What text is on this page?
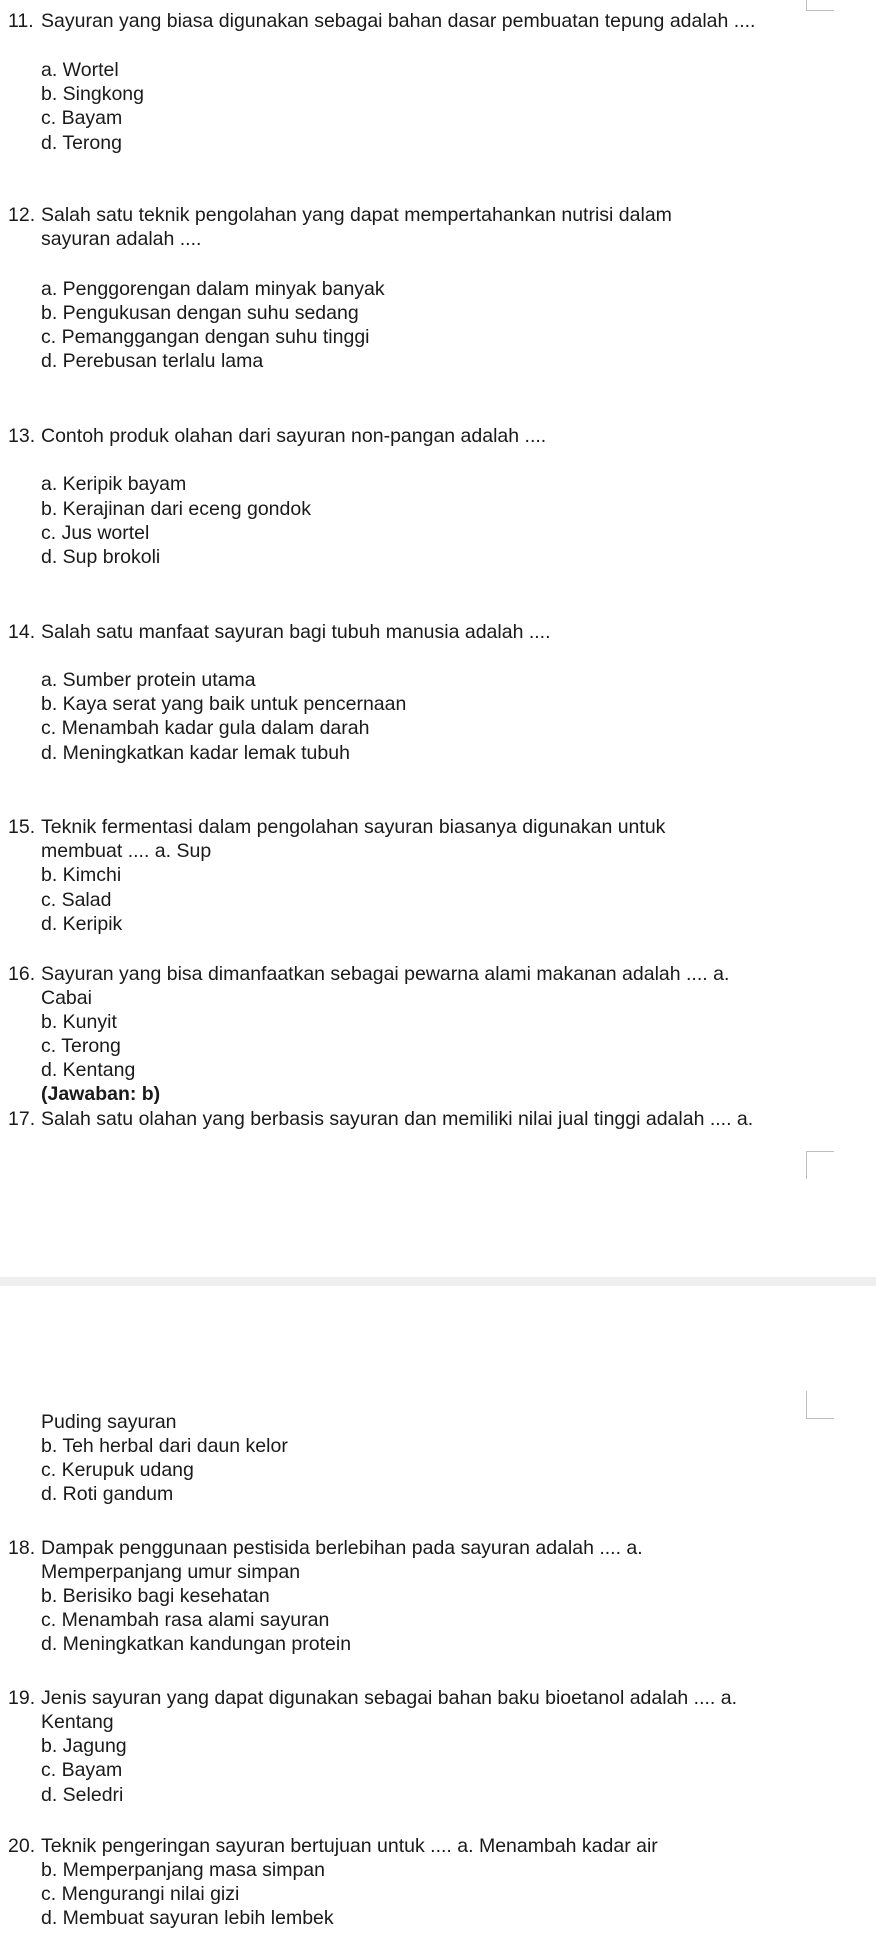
11. Sayuran yang biasa digunakan sebagai bahan dasar pembuatan tepung adalah ....
a. Wortel
b. Singkong
c. Bayam
d. Terong
12. Salah satu teknik pengolahan yang dapat mempertahankan nutrisi dalam
sayuran adalah ....
a. Penggorengan dalam minyak banyak
b. Pengukusan dengan suhu sedang
c. Pemanggangan dengan suhu tinggi
d. Perebusan terlalu lama
13. Contoh produk olahan dari sayuran non-pangan adalah ....
a. Keripik bayam
b. Kerajinan dari eceng gondok
c. Jus wortel
d. Sup brokoli
14. Salah satu manfaat sayuran bagi tubuh manusia adalah ....
a. Sumber protein utama
b. Kaya serat yang baik untuk pencernaan
c. Menambah kadar gula dalam darah
d. Meningkatkan kadar lemak tubuh
15. Teknik fermentasi dalam pengolahan sayuran biasanya digunakan untuk
membuat .... a. Sup
b. Kimchi
c. Salad
d. Keripik
16. Sayuran yang bisa dimanfaatkan sebagai pewarna alami makanan adalah .... a.
Cabai
b. Kunyit
c. Terong
d. Kentang
(Jawaban: b)
17. Salah satu olahan yang berbasis sayuran dan memiliki nilai jual tinggi adalah .... a.
Puding sayuran
b. Teh herbal dari daun kelor
c. Kerupuk udang
d. Roti gandum
18. Dampak penggunaan pestisida berlebihan pada sayuran adalah .... a.
Memperpanjang umur simpan
b. Berisiko bagi kesehatan
c. Menambah rasa alami sayuran
d. Meningkatkan kandungan protein
19. Jenis sayuran yang dapat digunakan sebagai bahan baku bioetanol adalah .... a.
Kentang
b. Jagung
c. Bayam
d. Seledri
20. Teknik pengeringan sayuran bertujuan untuk .... a. Menambah kadar air
b. Memperpanjang masa simpan
c. Mengurangi nilai gizi
d. Membuat sayuran lebih lembek
